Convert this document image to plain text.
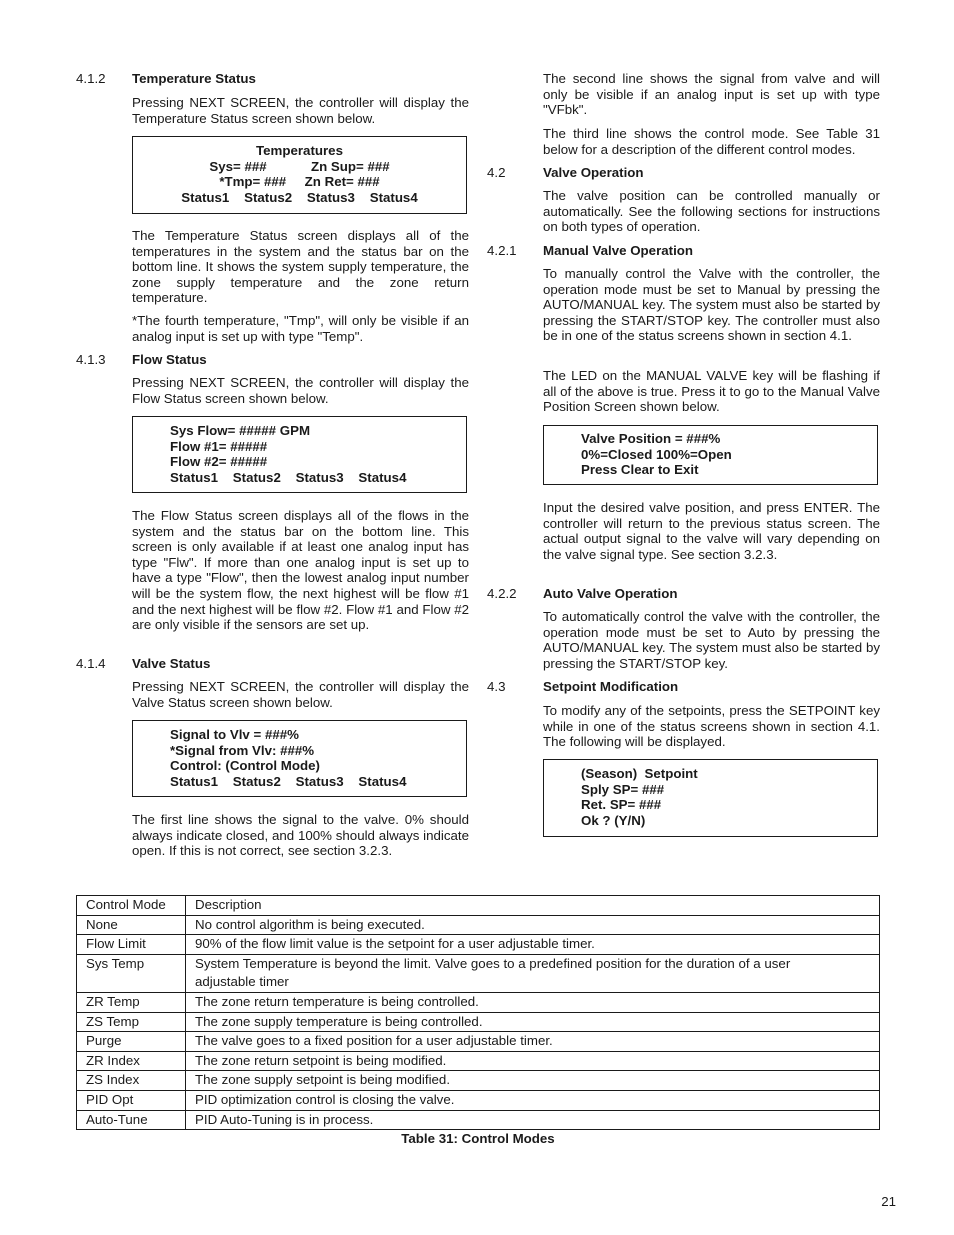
4.1.2 Temperature Status
Pressing NEXT SCREEN, the controller will display the Temperature Status screen shown below.
Temperatures
Sys= ###            Zn Sup= ###
*Tmp= ###     Zn Ret= ###
Status1    Status2    Status3    Status4
The Temperature Status screen displays all of the temperatures in the system and the status bar on the bottom line. It shows the system supply temperature, the zone supply temperature and the zone return temperature.
*The fourth temperature, "Tmp", will only be visible if an analog input is set up with type "Temp".
4.1.3 Flow Status
Pressing NEXT SCREEN, the controller will display the Flow Status screen shown below.
Sys Flow= ##### GPM
Flow #1= #####
Flow #2= #####
Status1    Status2    Status3    Status4
The Flow Status screen displays all of the flows in the system and the status bar on the bottom line. This screen is only available if at least one analog input has type "Flw". If more than one analog input is set up to have a type "Flow", then the lowest analog input number will be the system flow, the next highest will be flow #1 and the next highest will be flow #2. Flow #1 and Flow #2 are only visible if the sensors are set up.
4.1.4 Valve Status
Pressing NEXT SCREEN, the controller will display the Valve Status screen shown below.
Signal to Vlv = ###%
*Signal from Vlv: ###%
Control: (Control Mode)
Status1    Status2    Status3    Status4
The first line shows the signal to the valve. 0% should always indicate closed, and 100% should always indicate open. If this is not correct, see section 3.2.3.
The second line shows the signal from valve and will only be visible if an analog input is set up with type "VFbk".
The third line shows the control mode. See Table 31 below for a description of the different control modes.
4.2	Valve Operation
The valve position can be controlled manually or automatically. See the following sections for instructions on both types of operation.
4.2.1 Manual Valve Operation
To manually control the Valve with the controller, the operation mode must be set to Manual by pressing the AUTO/MANUAL key. The system must also be started by pressing the START/STOP key. The controller must also be in one of the status screens shown in section 4.1.
The LED on the MANUAL VALVE key will be flashing if all of the above is true. Press it to go to the Manual Valve Position Screen shown below.
Valve Position = ###%
0%=Closed 100%=Open
Press Clear to Exit
Input the desired valve position, and press ENTER. The controller will return to the previous status screen. The actual output signal to the valve will vary depending on the valve signal type. See section 3.2.3.
4.2.2 Auto Valve Operation
To automatically control the valve with the controller, the operation mode must be set to Auto by pressing the AUTO/MANUAL key. The system must also be started by pressing the START/STOP key.
4.3	Setpoint Modification
To modify any of the setpoints, press the SETPOINT key while in one of the status screens shown in section 4.1. The following will be displayed.
(Season)  Setpoint
Sply SP= ###
Ret. SP= ###
Ok ? (Y/N)
Control Mode	Description
None	No control algorithm is being executed.
Flow Limit	90% of the flow limit value is the setpoint for a user adjustable timer.
Sys Temp	System Temperature is beyond the limit. Valve goes to a predefined position for the duration of a user adjustable timer
ZR Temp	The zone return temperature is being controlled.
ZS Temp	The zone supply temperature is being controlled.
Purge	The valve goes to a fixed position for a user adjustable timer.
ZR Index	The zone return setpoint is being modified.
ZS Index	The zone supply setpoint is being modified.
PID Opt	PID optimization control is closing the valve.
Auto-Tune	PID Auto-Tuning is in process.
Table 31: Control Modes
21
